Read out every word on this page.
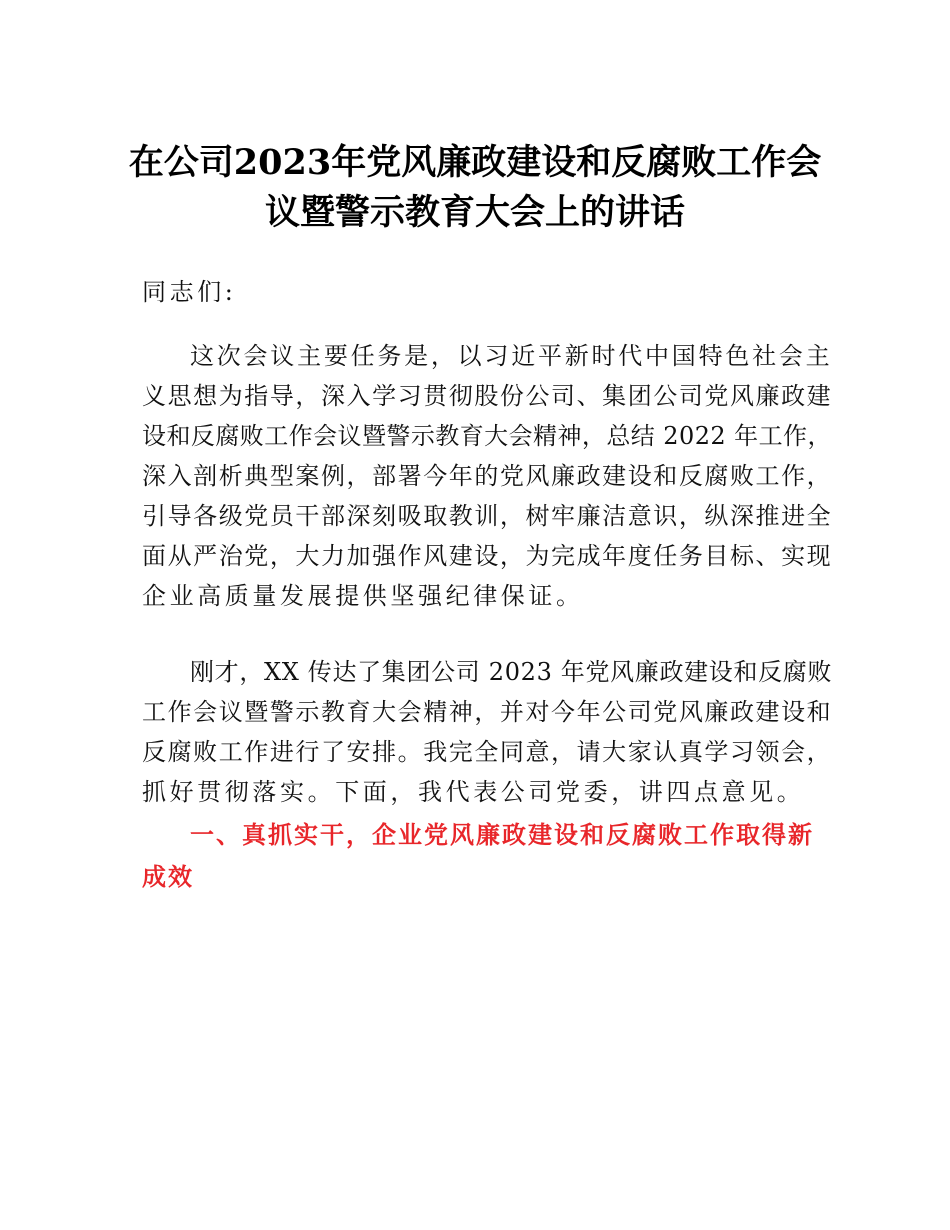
在公司2023年党风廉政建设和反腐败工作会
议暨警示教育大会上的讲话
同志们:
这次会议主要任务是，以习近平新时代中国特色社会主
义思想为指导，深入学习贯彻股份公司、集团公司党风廉政建
设和反腐败工作会议暨警示教育大会精神，总结 2022 年工作，
深入剖析典型案例，部署今年的党风廉政建设和反腐败工作，
引导各级党员干部深刻吸取教训，树牢廉洁意识，纵深推进全
面从严治党，大力加强作风建设，为完成年度任务目标、实现
企业高质量发展提供坚强纪律保证。
刚才，XX 传达了集团公司 2023 年党风廉政建设和反腐败
工作会议暨警示教育大会精神，并对今年公司党风廉政建设和
反腐败工作进行了安排。我完全同意，请大家认真学习领会，
抓好贯彻落实。下面，我代表公司党委，讲四点意见。
一、真抓实干，企业党风廉政建设和反腐败工作取得新
成效
